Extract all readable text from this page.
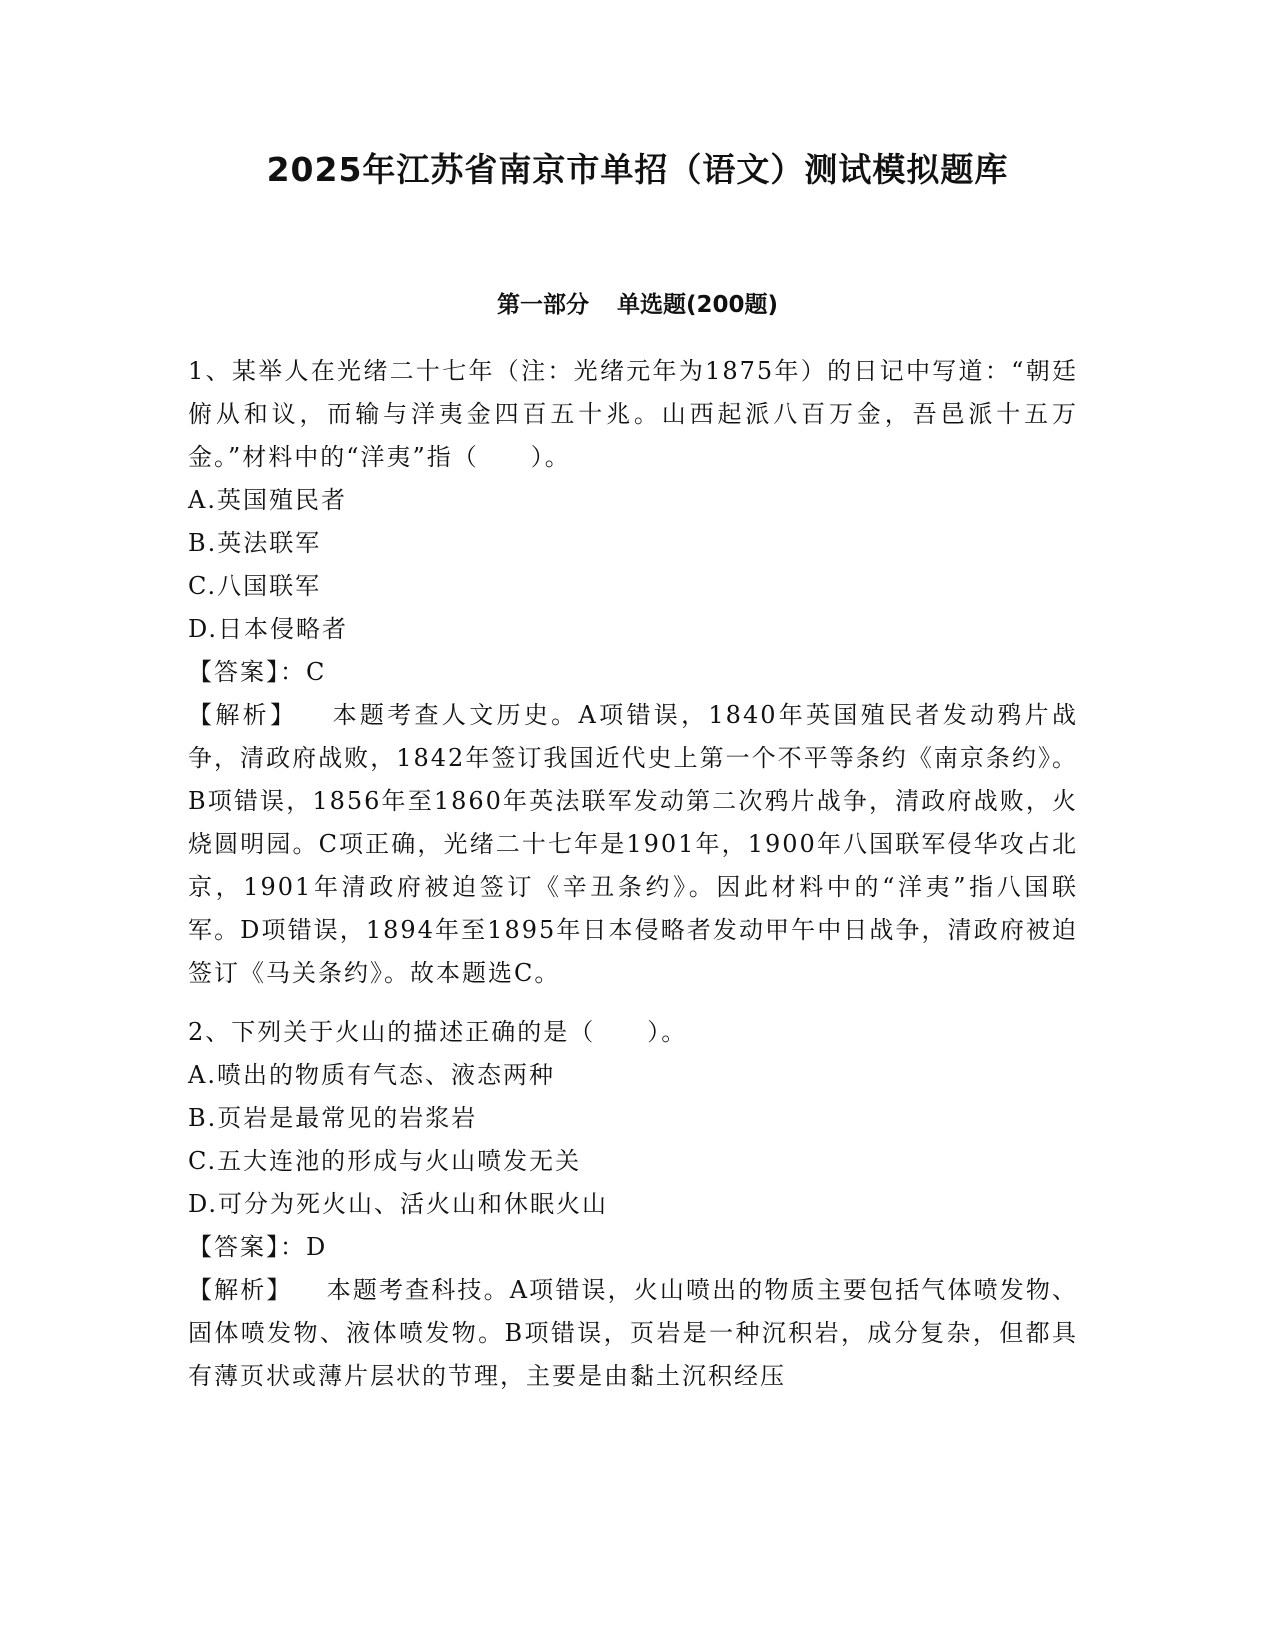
2025年江苏省南京市单招（语文）测试模拟题库
第一部分 单选题(200题)

1、某举人在光绪二十七年（注：光绪元年为1875年）的日记中写道：“朝廷俯从和议，而输与洋夷金四百五十兆。山西起派八百万金，吾邑派十五万金。”材料中的“洋夷”指（　　）。

A.英国殖民者

B.英法联军

C.八国联军

D.日本侵略者

【答案】：C

【解析】 本题考查人文历史。A项错误，1840年英国殖民者发动鸦片战争，清政府战败，1842年签订我国近代史上第一个不平等条约《南京条约》。B项错误，1856年至1860年英法联军发动第二次鸦片战争，清政府战败，火烧圆明园。C项正确，光绪二十七年是1901年，1900年八国联军侵华攻占北京，1901年清政府被迫签订《辛丑条约》。因此材料中的“洋夷”指八国联军。D项错误，1894年至1895年日本侵略者发动甲午中日战争，清政府被迫签订《马关条约》。故本题选C。

2、下列关于火山的描述正确的是（　　）。

A.喷出的物质有气态、液态两种

B.页岩是最常见的岩浆岩

C.五大连池的形成与火山喷发无关

D.可分为死火山、活火山和休眠火山

【答案】：D

【解析】 本题考查科技。A项错误，火山喷出的物质主要包括气体喷发物、固体喷发物、液体喷发物。B项错误，页岩是一种沉积岩，成分复杂，但都具有薄页状或薄片层状的节理，主要是由黏土沉积经压
